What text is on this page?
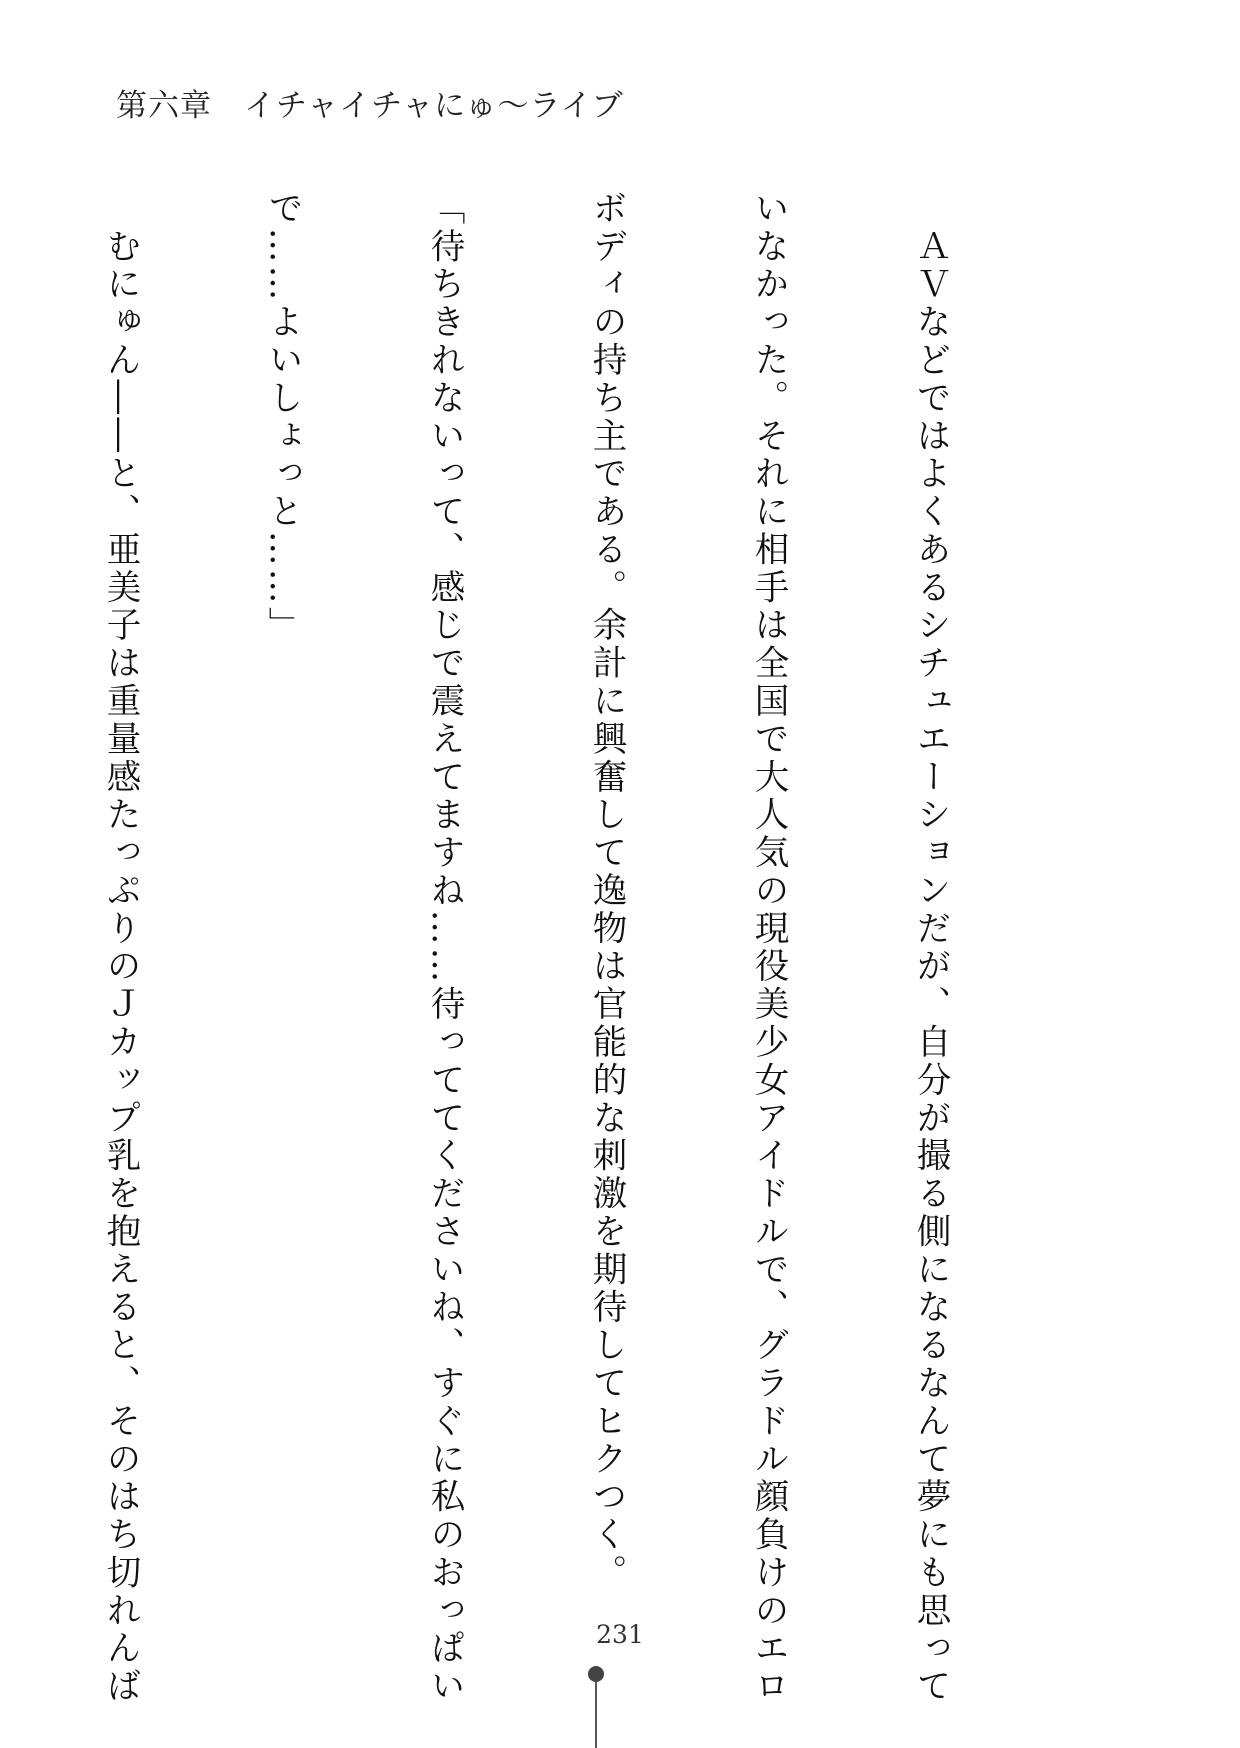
第六章　イチャイチャにゅ～ライブ

　ＡＶなどではよくあるシチュエーションだが、自分が撮る側になるなんて夢にも思って

いなかった。それに相手は全国で大人気の現役美少女アイドルで、グラドル顔負けのエロ

ボディの持ち主である。余計に興奮して逸物は官能的な刺激を期待してヒクつく。

「待ちきれないって、感じで震えてますね……待っててくださいね、すぐに私のおっぱい

で……よいしょっと……」

　むにゅん――と、亜美子は重量感たっぷりのＪカップ乳を抱えると、そのはち切れんば

	231
